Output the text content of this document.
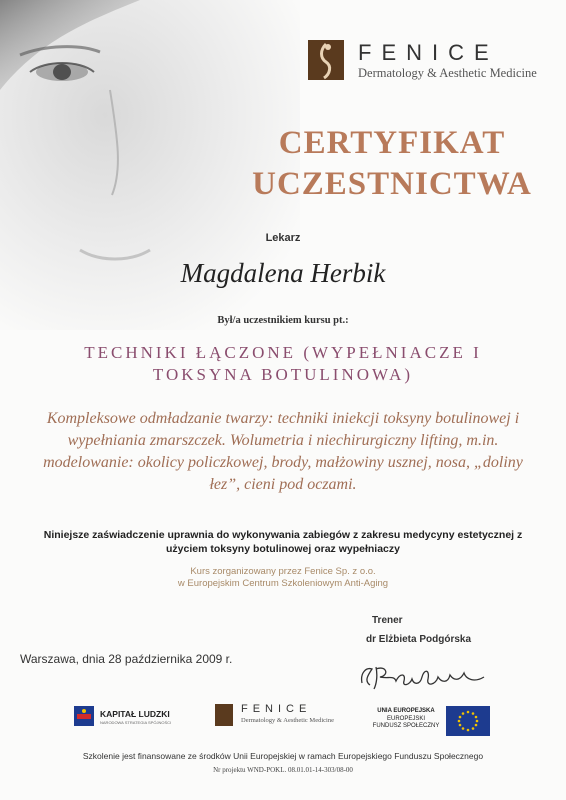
FENICE
Dermatology & Aesthetic Medicine
CERTYFIKAT
UCZESTNICTWA
Lekarz
Magdalena Herbik
Był/a uczestnikiem kursu pt.:
TECHNIKI ŁĄCZONE (WYPEŁNIACZE I TOKSYNA BOTULINOWA)
Kompleksowe odmładzanie twarzy: techniki iniekcji toksyny botulinowej i wypełniania zmarszczek. Wolumetria i niechirurgiczny lifting, m.in. modelowanie: okolicy policzkowej, brody, małżowiny usznej, nosa, „doliny łez”, cieni pod oczami.
Niniejsze zaświadczenie uprawnia do wykonywania zabiegów z zakresu medycyny estetycznej z użyciem toksyny botulinowej oraz wypełniaczy
Kurs zorganizowany przez Fenice Sp. z o.o.
w Europejskim Centrum Szkoleniowym Anti-Aging
Trener
dr Elżbieta Podgórska
Warszawa, dnia 28 października 2009 r.
KAPITAŁ LUDZKI
NARODOWA STRATEGIA SPÓJNOŚCI
FENICE
Dermatology & Aesthetic Medicine
UNIA EUROPEJSKA
EUROPEJSKI
FUNDUSZ SPOŁECZNY
Szkolenie jest finansowane ze środków Unii Europejskiej w ramach Europejskiego Funduszu Społecznego
Nr projektu WND-POKL. 08.01.01-14-303/08-00
